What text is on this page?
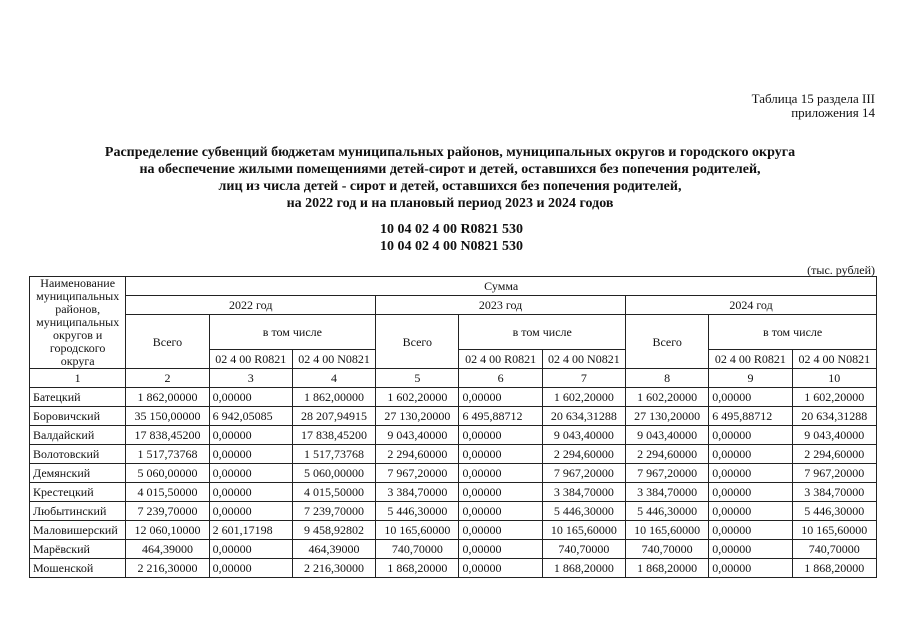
Таблица 15 раздела III
приложения 14
Распределение субвенций бюджетам муниципальных районов, муниципальных округов и городского округа
на обеспечение жилыми помещениями детей-сирот и детей, оставшихся без попечения родителей,
лиц из числа детей - сирот и детей, оставшихся без попечения родителей,
на 2022 год и на плановый период 2023 и 2024 годов
10 04 02 4 00 R0821 530
10 04 02 4 00 N0821 530
(тыс. рублей)
Наименование муниципальных районов, муниципальных округов и городского округа	Сумма								
	2022 год			2023 год			2024 год		
	Всего	в том числе		Всего	в том числе		Всего	в том числе	
		02 4 00 R0821	02 4 00 N0821		02 4 00 R0821	02 4 00 N0821		02 4 00 R0821	02 4 00 N0821
1	2	3	4	5	6	7	8	9	10
Батецкий	1 862,00000	0,00000	1 862,00000	1 602,20000	0,00000	1 602,20000	1 602,20000	0,00000	1 602,20000
Боровичский	35 150,00000	6 942,05085	28 207,94915	27 130,20000	6 495,88712	20 634,31288	27 130,20000	6 495,88712	20 634,31288
Валдайский	17 838,45200	0,00000	17 838,45200	9 043,40000	0,00000	9 043,40000	9 043,40000	0,00000	9 043,40000
Волотовский	1 517,73768	0,00000	1 517,73768	2 294,60000	0,00000	2 294,60000	2 294,60000	0,00000	2 294,60000
Демянский	5 060,00000	0,00000	5 060,00000	7 967,20000	0,00000	7 967,20000	7 967,20000	0,00000	7 967,20000
Крестецкий	4 015,50000	0,00000	4 015,50000	3 384,70000	0,00000	3 384,70000	3 384,70000	0,00000	3 384,70000
Любытинский	7 239,70000	0,00000	7 239,70000	5 446,30000	0,00000	5 446,30000	5 446,30000	0,00000	5 446,30000
Маловишерский	12 060,10000	2 601,17198	9 458,92802	10 165,60000	0,00000	10 165,60000	10 165,60000	0,00000	10 165,60000
Марёвский	464,39000	0,00000	464,39000	740,70000	0,00000	740,70000	740,70000	0,00000	740,70000
Мошенской	2 216,30000	0,00000	2 216,30000	1 868,20000	0,00000	1 868,20000	1 868,20000	0,00000	1 868,20000
